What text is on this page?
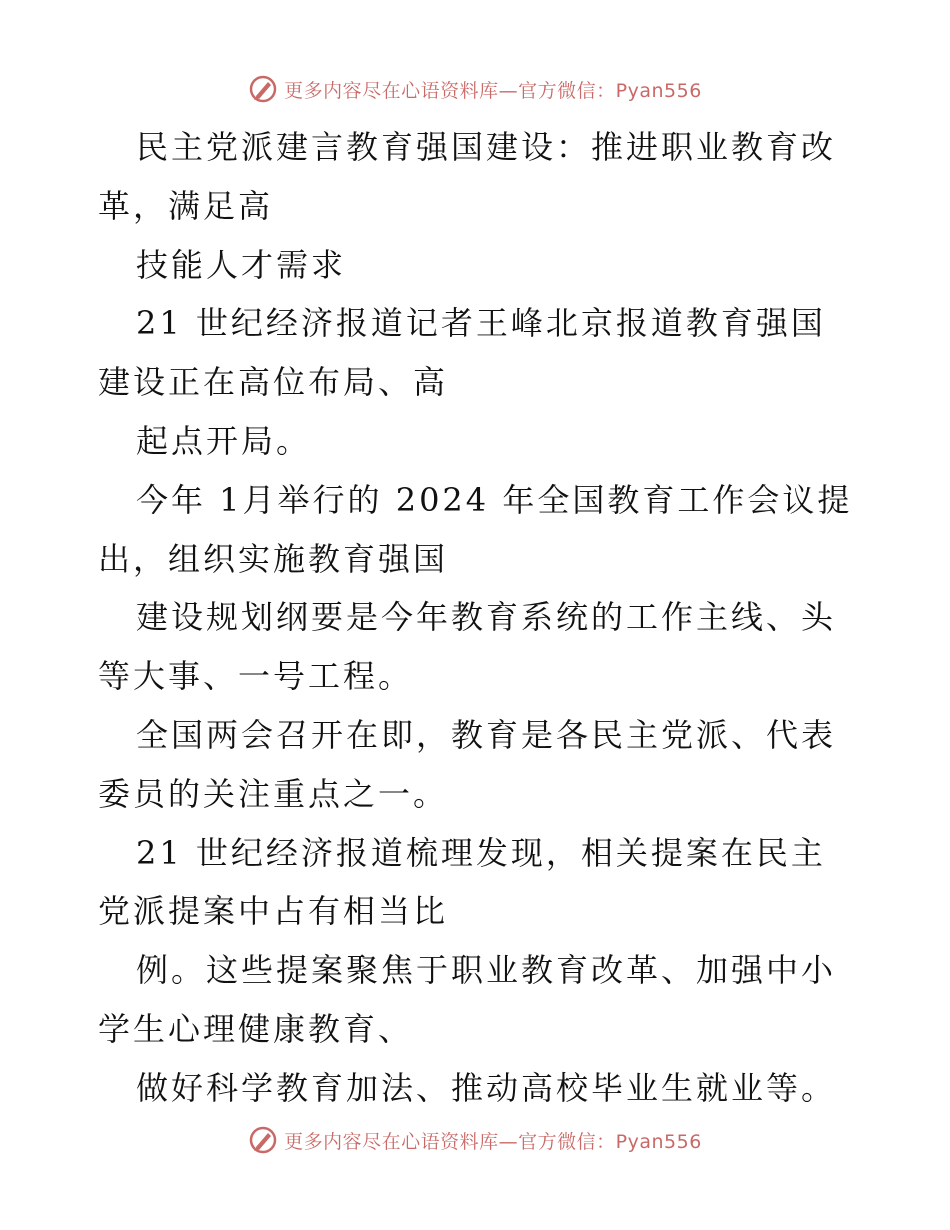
更多内容尽在心语资料库—官方微信：Pyan556

民主党派建言教育强国建设：推进职业教育改革，满足高

技能人才需求

21 世纪经济报道记者王峰北京报道教育强国建设正在高位布局、高

起点开局。

今年 1月举行的 2024 年全国教育工作会议提出，组织实施教育强国

建设规划纲要是今年教育系统的工作主线、头等大事、一号工程。

全国两会召开在即，教育是各民主党派、代表委员的关注重点之一。

21 世纪经济报道梳理发现，相关提案在民主党派提案中占有相当比

例。这些提案聚焦于职业教育改革、加强中小学生心理健康教育、

做好科学教育加法、推动高校毕业生就业等。

更多内容尽在心语资料库—官方微信：Pyan556
